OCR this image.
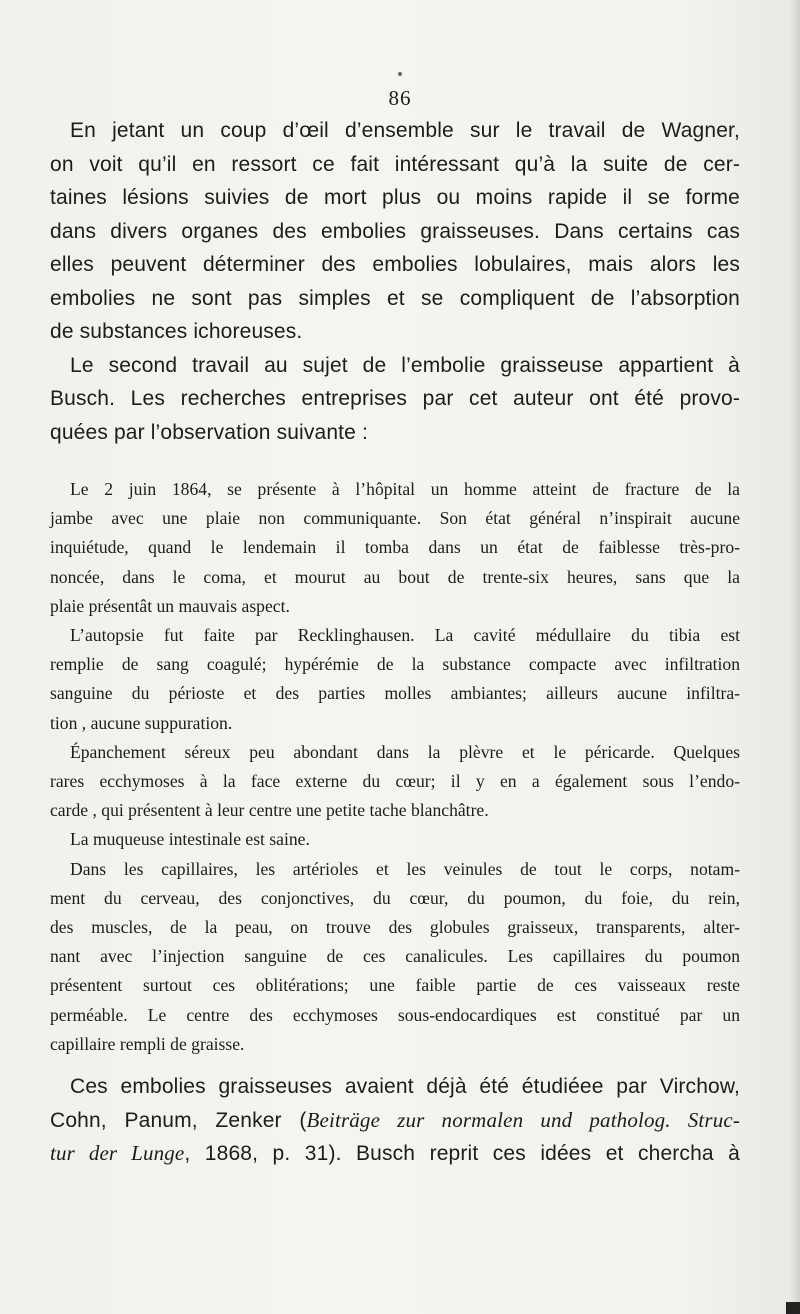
86
En jetant un coup d’œil d’ensemble sur le travail de Wagner,
on voit qu’il en ressort ce fait intéressant qu’à la suite de cer-
taines lésions suivies de mort plus ou moins rapide il se forme
dans divers organes des embolies graisseuses. Dans certains cas
elles peuvent déterminer des embolies lobulaires, mais alors les
embolies ne sont pas simples et se compliquent de l’absorption
de substances ichoreuses.
Le second travail au sujet de l’embolie graisseuse appartient à
Busch. Les recherches entreprises par cet auteur ont été provo-
quées par l’observation suivante :
Le 2 juin 1864, se présente à l’hôpital un homme atteint de fracture de la
jambe avec une plaie non communiquante. Son état général n’inspirait aucune
inquiétude, quand le lendemain il tomba dans un état de faiblesse très-pro-
noncée, dans le coma, et mourut au bout de trente-six heures, sans que la
plaie présentât un mauvais aspect.
L’autopsie fut faite par Recklinghausen. La cavité médullaire du tibia est
remplie de sang coagulé; hypérémie de la substance compacte avec infiltration
sanguine du périoste et des parties molles ambiantes; ailleurs aucune infiltra-
tion , aucune suppuration.
Épanchement séreux peu abondant dans la plèvre et le péricarde. Quelques
rares ecchymoses à la face externe du cœur; il y en a également sous l’endo-
carde , qui présentent à leur centre une petite tache blanchâtre.
La muqueuse intestinale est saine.
Dans les capillaires, les artérioles et les veinules de tout le corps, notam-
ment du cerveau, des conjonctives, du cœur, du poumon, du foie, du rein,
des muscles, de la peau, on trouve des globules graisseux, transparents, alter-
nant avec l’injection sanguine de ces canalicules. Les capillaires du poumon
présentent surtout ces oblitérations; une faible partie de ces vaisseaux reste
perméable. Le centre des ecchymoses sous-endocardiques est constitué par un
capillaire rempli de graisse.
Ces embolies graisseuses avaient déjà été étudiéee par Virchow,
Cohn, Panum, Zenker (Beiträge zur normalen und patholog. Struc-
tur der Lunge, 1868, p. 31). Busch reprit ces idées et chercha à
